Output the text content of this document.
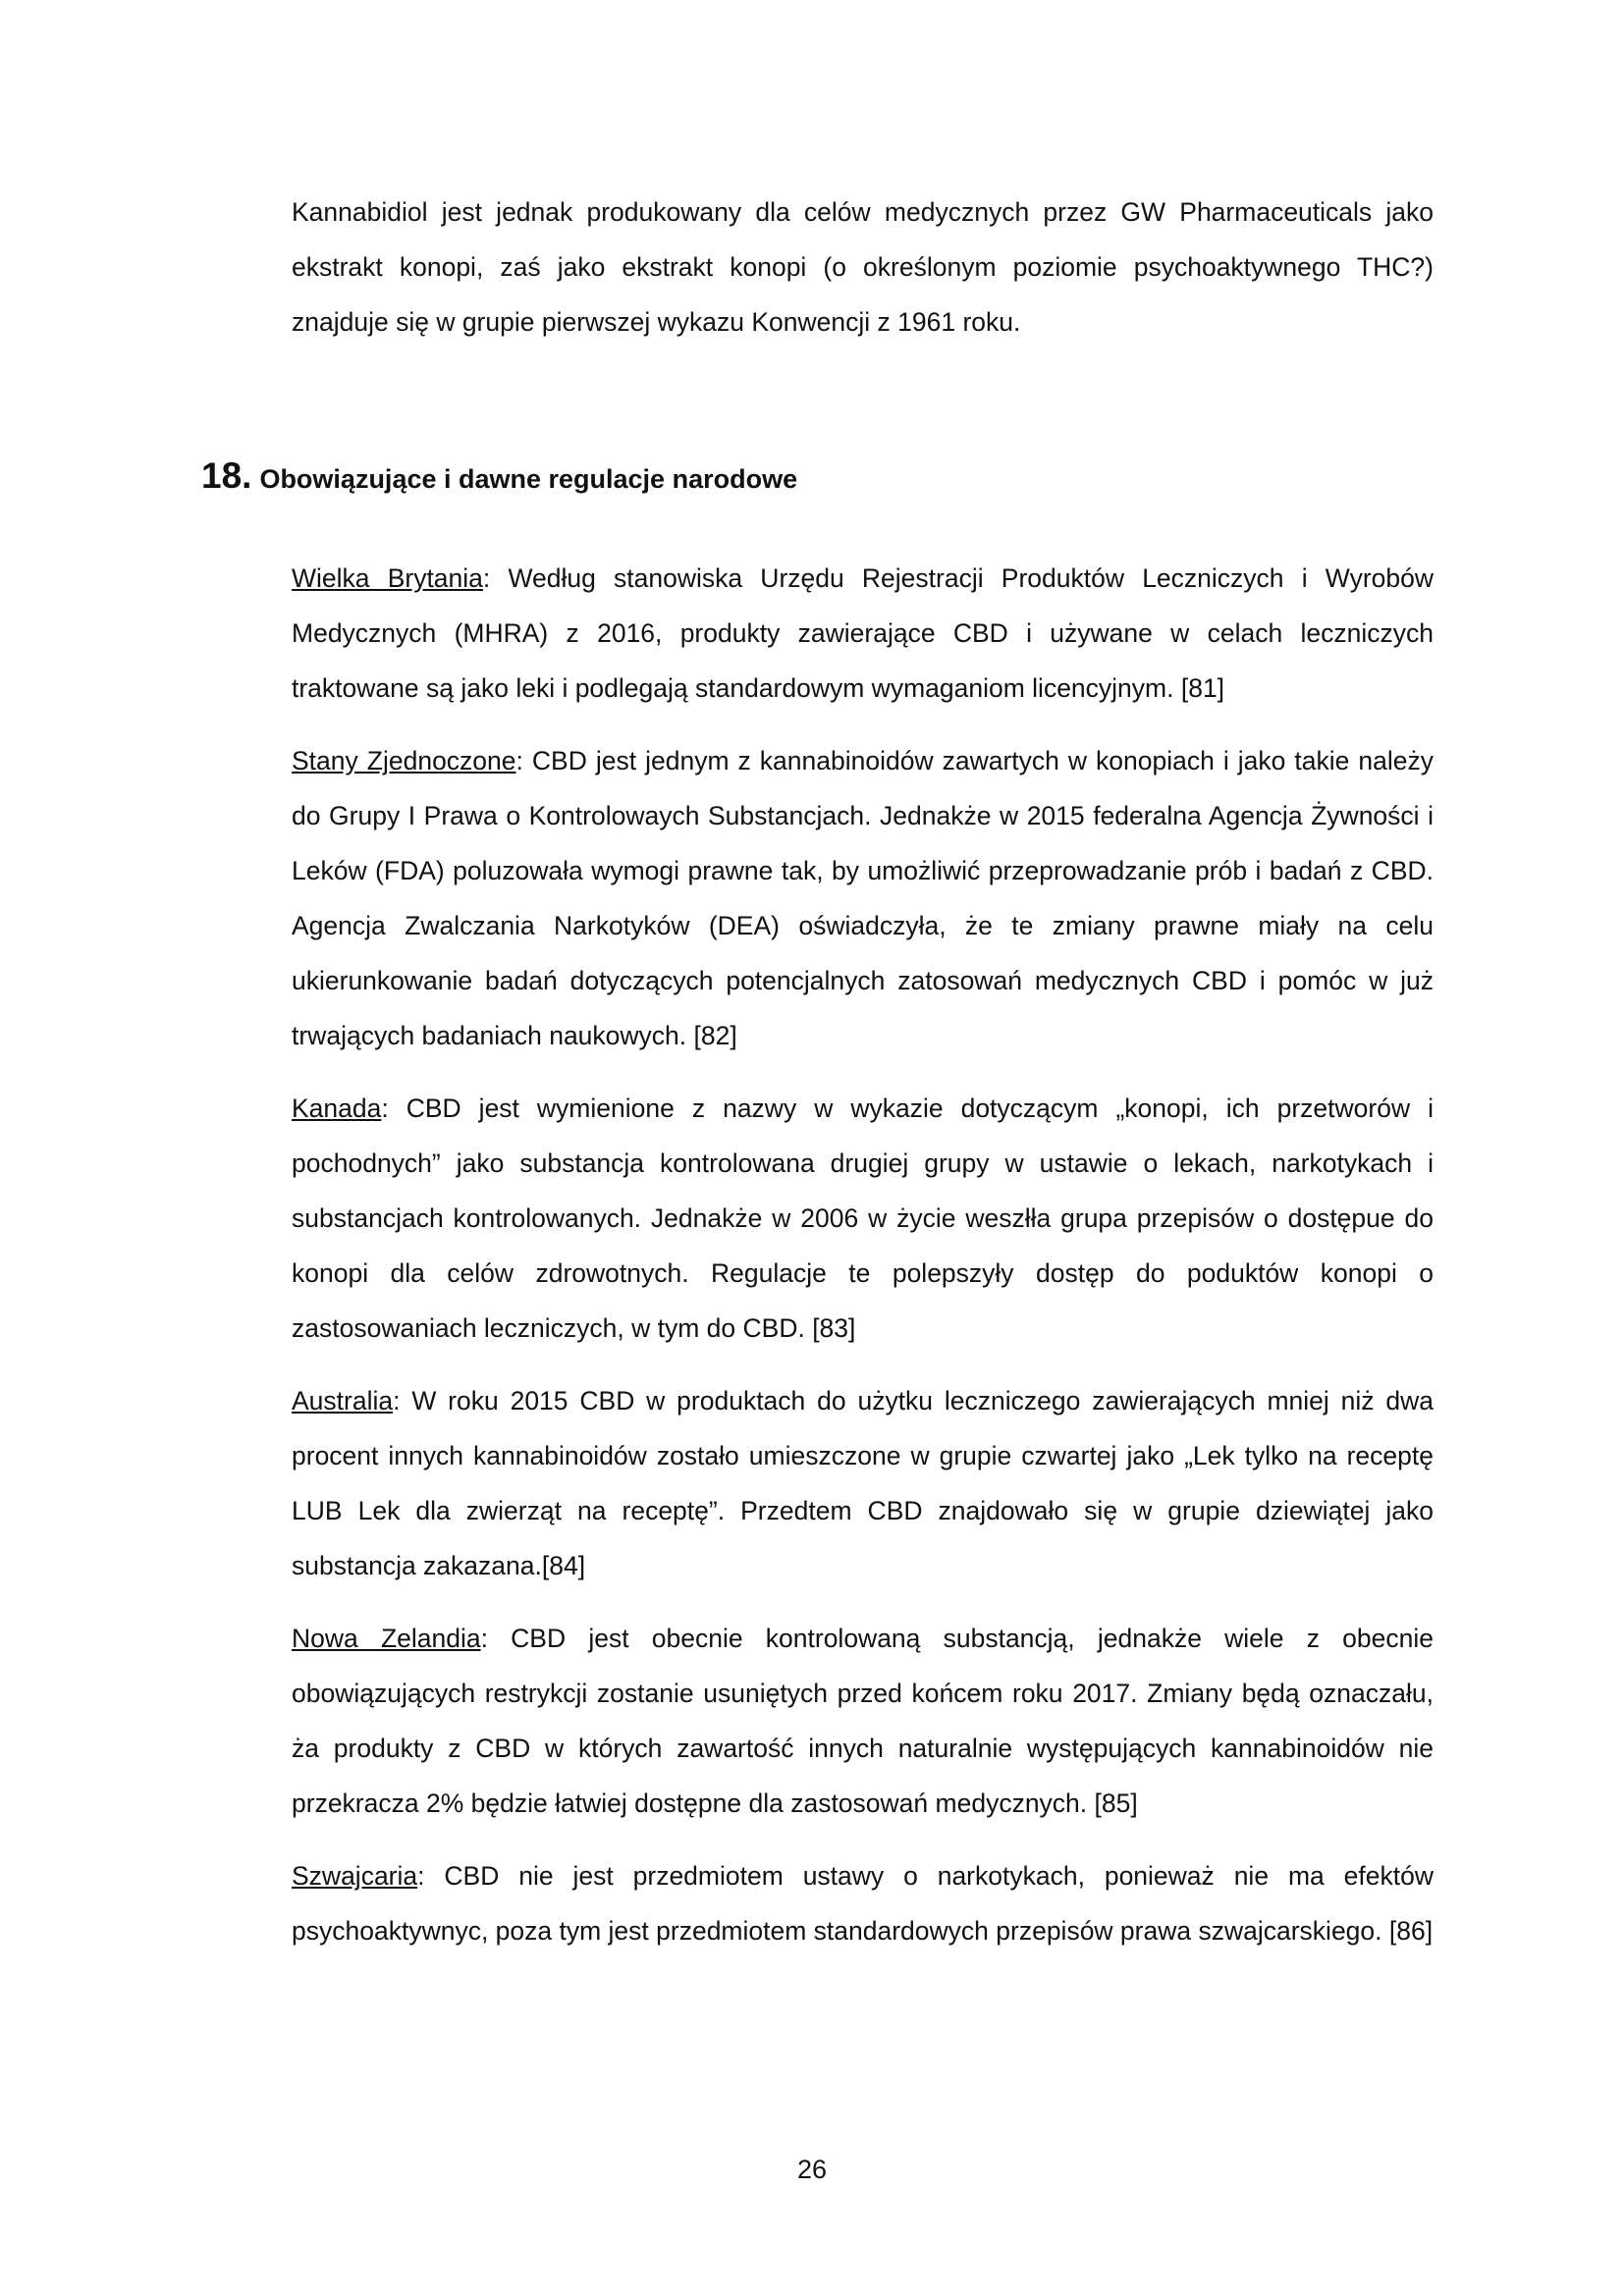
Kannabidiol jest jednak produkowany dla celów medycznych przez GW Pharmaceuticals jako ekstrakt konopi, zaś jako ekstrakt konopi (o określonym poziomie psychoaktywnego THC?) znajduje się w grupie pierwszej wykazu Konwencji z 1961 roku.

18. Obowiązujące i dawne regulacje narodowe

Wielka Brytania: Według stanowiska Urzędu Rejestracji Produktów Leczniczych i Wyrobów Medycznych (MHRA) z 2016, produkty zawierające CBD i używane w celach leczniczych traktowane są jako leki i podlegają standardowym wymaganiom licencyjnym. [81]

Stany Zjednoczone: CBD jest jednym z kannabinoidów zawartych w konopiach i jako takie należy do Grupy I Prawa o Kontrolowaych Substancjach. Jednakże w 2015 federalna Agencja Żywności i Leków (FDA) poluzowała wymogi prawne tak, by umożliwić przeprowadzanie prób i badań z CBD. Agencja Zwalczania Narkotyków (DEA) oświadczyła, że te zmiany prawne miały na celu ukierunkowanie badań dotyczących potencjalnych zatosowań medycznych CBD i pomóc w już trwających badaniach naukowych. [82]

Kanada: CBD jest wymienione z nazwy w wykazie dotyczącym „konopi, ich przetworów i pochodnych” jako substancja kontrolowana drugiej grupy w ustawie o lekach, narkotykach i substancjach kontrolowanych. Jednakże w 2006 w życie weszłła grupa przepisów o dostępue do konopi dla celów zdrowotnych. Regulacje te polepszyły dostęp do poduktów konopi o zastosowaniach leczniczych, w tym do CBD. [83]

Australia: W roku 2015 CBD w produktach do użytku leczniczego zawierających mniej niż dwa procent innych kannabinoidów zostało umieszczone w grupie czwartej jako „Lek tylko na receptę LUB Lek dla zwierząt na receptę”. Przedtem CBD znajdowało się w grupie dziewiątej jako substancja zakazana.[84]

Nowa Zelandia: CBD jest obecnie kontrolowaną substancją, jednakże wiele z obecnie obowiązujących restrykcji zostanie usuniętych przed końcem roku 2017. Zmiany będą oznaczału, ża produkty z CBD w których zawartość innych naturalnie występujących kannabinoidów nie przekracza 2% będzie łatwiej dostępne dla zastosowań medycznych. [85]

Szwajcaria: CBD nie jest przedmiotem ustawy o narkotykach, ponieważ nie ma efektów psychoaktywnyc, poza tym jest przedmiotem standardowych przepisów prawa szwajcarskiego. [86]

26
